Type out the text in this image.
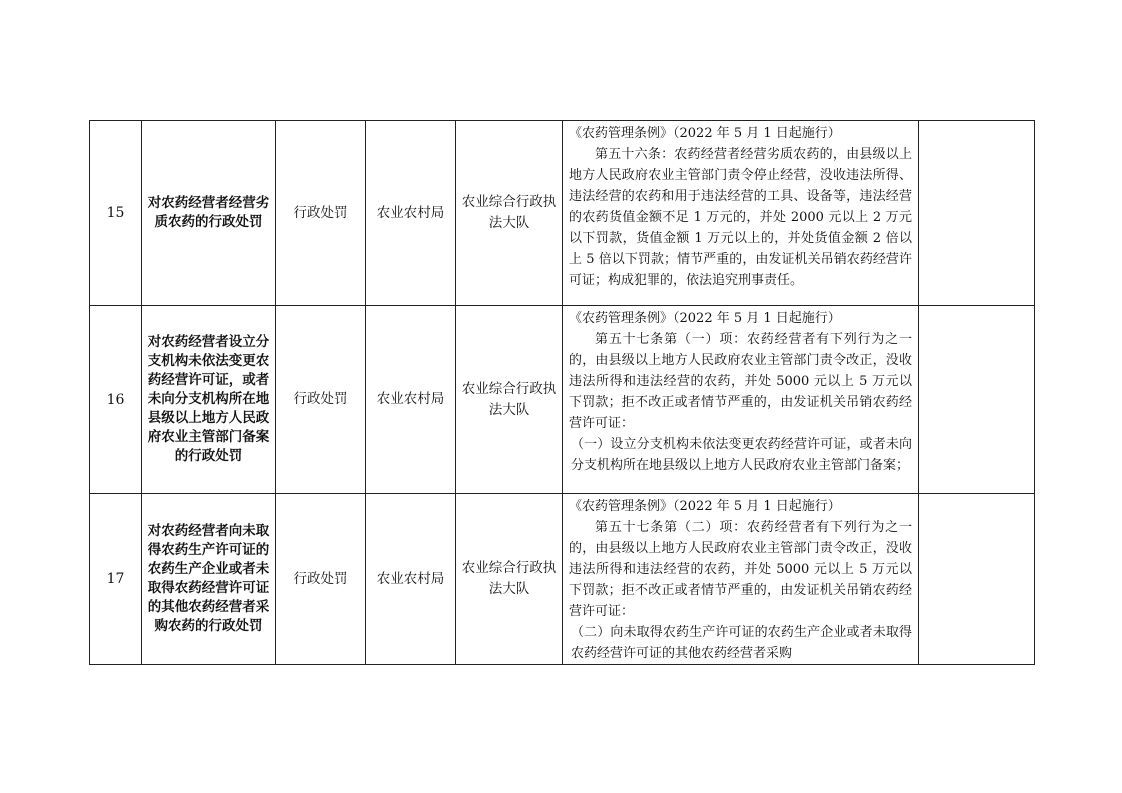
15	对农药经营者经营劣质农药的行政处罚	行政处罚	农业农村局	农业综合行政执法大队	《农药管理条例》（2022 年 5 月 1 日起施行）

第五十六条：农药经营者经营劣质农药的，由县级以上地方人民政府农业主管部门责令停止经营，没收违法所得、违法经营的农药和用于违法经营的工具、设备等，违法经营的农药货值金额不足 1 万元的，并处 2000 元以上 2 万元以下罚款，货值金额 1 万元以上的，并处货值金额 2 倍以上 5 倍以下罚款；情节严重的，由发证机关吊销农药经营许可证；构成犯罪的，依法追究刑事责任。	

16	对农药经营者设立分支机构未依法变更农药经营许可证，或者未向分支机构所在地县级以上地方人民政府农业主管部门备案的行政处罚	行政处罚	农业农村局	农业综合行政执法大队	《农药管理条例》（2022 年 5 月 1 日起施行）

第五十七条第（一）项：农药经营者有下列行为之一的，由县级以上地方人民政府农业主管部门责令改正，没收违法所得和违法经营的农药，并处 5000 元以上 5 万元以下罚款；拒不改正或者情节严重的，由发证机关吊销农药经营许可证：

（一）设立分支机构未依法变更农药经营许可证，或者未向分支机构所在地县级以上地方人民政府农业主管部门备案；	

17	对农药经营者向未取得农药生产许可证的农药生产企业或者未取得农药经营许可证的其他农药经营者采购农药的行政处罚	行政处罚	农业农村局	农业综合行政执法大队	《农药管理条例》（2022 年 5 月 1 日起施行）

第五十七条第（二）项：农药经营者有下列行为之一的，由县级以上地方人民政府农业主管部门责令改正，没收违法所得和违法经营的农药，并处 5000 元以上 5 万元以下罚款；拒不改正或者情节严重的，由发证机关吊销农药经营许可证：

（二）向未取得农药生产许可证的农药生产企业或者未取得农药经营许可证的其他农药经营者采购	
